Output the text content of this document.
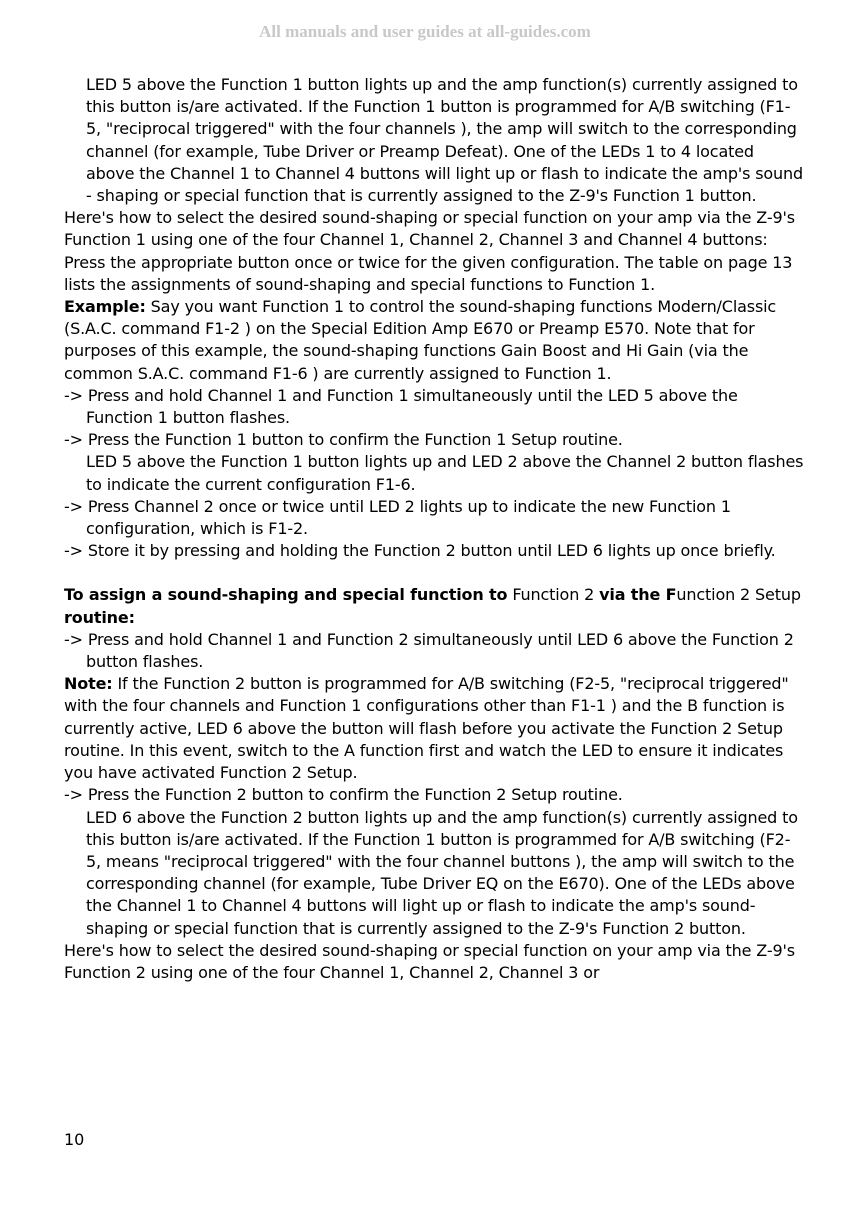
All manuals and user guides at all-guides.com

LED 5 above the Function 1 button lights up and the amp function(s) currently assigned to this button is/are activated. If the Function 1 button is programmed for A/B switching (F1-5, "reciprocal triggered" with the four channels ), the amp will switch to the corresponding channel (for example, Tube Driver or Preamp Defeat). One of the LEDs 1 to 4 located above the Channel 1 to Channel 4 buttons will light up or flash to indicate the amp's sound - shaping or special function that is currently assigned to the Z-9's Function 1 button.

Here's how to select the desired sound-shaping or special function on your amp via the Z-9's Function 1 using one of the four Channel 1, Channel 2, Channel 3 and Channel 4 buttons: Press the appropriate button once or twice for the given configuration. The table on page 13 lists the assignments of sound-shaping and special functions to Function 1.

Example: Say you want Function 1 to control the sound-shaping functions Modern/Classic (S.A.C. command F1-2 ) on the Special Edition Amp E670 or Preamp E570. Note that for purposes of this example, the sound-shaping functions Gain Boost and Hi Gain (via the common S.A.C. command F1-6 ) are currently assigned to Function 1.

-> Press and hold Channel 1 and Function 1 simultaneously until the LED 5 above the Function 1 button flashes.

-> Press the Function 1 button to confirm the Function 1 Setup routine.

LED 5 above the Function 1 button lights up and LED 2 above the Channel 2 button flashes to indicate the current configuration F1-6.

-> Press Channel 2 once or twice until LED 2 lights up to indicate the new Function 1 configuration, which is F1-2.

-> Store it by pressing and holding the Function 2 button until LED 6 lights up once briefly.

To assign a sound-shaping and special function to Function 2 via the Function 2 Setup routine:

-> Press and hold Channel 1 and Function 2 simultaneously until LED 6 above the Function 2 button flashes.

Note: If the Function 2 button is programmed for A/B switching (F2-5, "reciprocal triggered" with the four channels and Function 1 configurations other than F1-1 ) and the B function is currently active, LED 6 above the button will flash before you activate the Function 2 Setup routine. In this event, switch to the A function first and watch the LED to ensure it indicates you have activated Function 2 Setup.

-> Press the Function 2 button to confirm the Function 2 Setup routine.

LED 6 above the Function 2 button lights up and the amp function(s) currently assigned to this button is/are activated. If the Function 1 button is programmed for A/B switching (F2-5, means "reciprocal triggered" with the four channel buttons ), the amp will switch to the corresponding channel (for example, Tube Driver EQ on the E670). One of the LEDs above the Channel 1 to Channel 4 buttons will light up or flash to indicate the amp's sound-shaping or special function that is currently assigned to the Z-9's Function 2 button.

Here's how to select the desired sound-shaping or special function on your amp via the Z-9's Function 2 using one of the four Channel 1, Channel 2, Channel 3 or

10
